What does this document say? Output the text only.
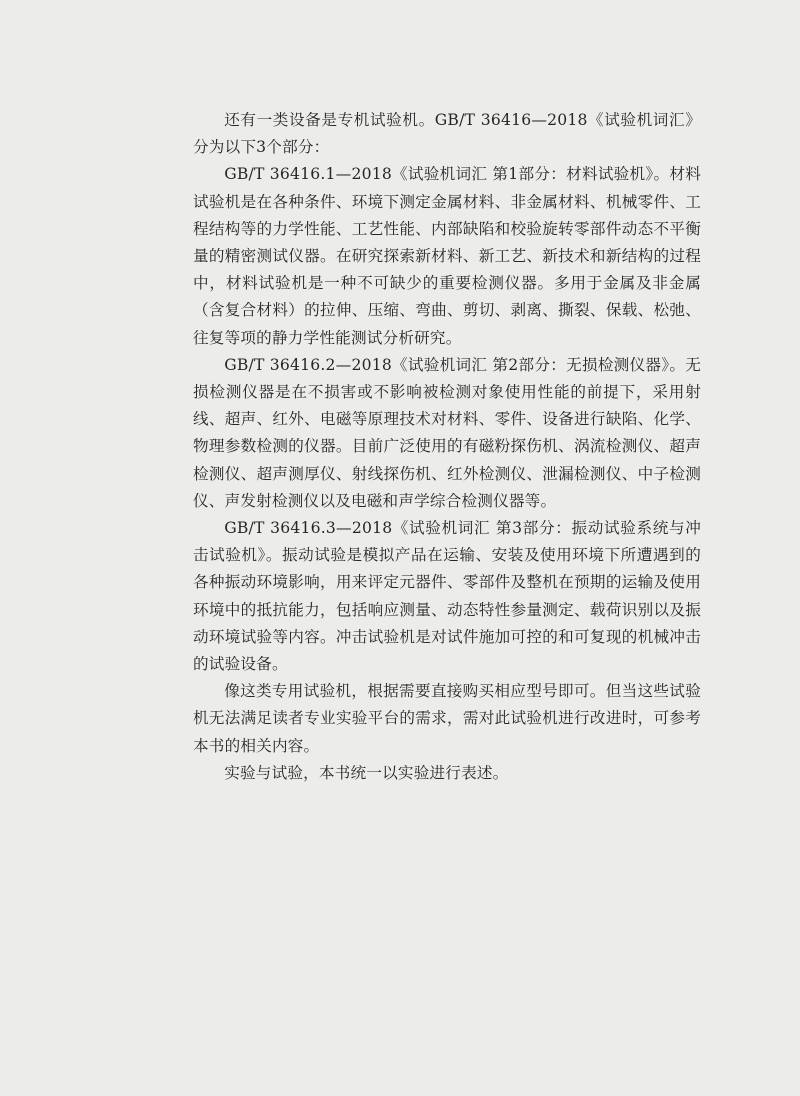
还有一类设备是专机试验机。GB/T 36416—2018《试验机词汇》分为以下3个部分：

GB/T 36416.1—2018《试验机词汇 第1部分：材料试验机》。材料试验机是在各种条件、环境下测定金属材料、非金属材料、机械零件、工程结构等的力学性能、工艺性能、内部缺陷和校验旋转零部件动态不平衡量的精密测试仪器。在研究探索新材料、新工艺、新技术和新结构的过程中，材料试验机是一种不可缺少的重要检测仪器。多用于金属及非金属（含复合材料）的拉伸、压缩、弯曲、剪切、剥离、撕裂、保载、松弛、往复等项的静力学性能测试分析研究。

GB/T 36416.2—2018《试验机词汇 第2部分：无损检测仪器》。无损检测仪器是在不损害或不影响被检测对象使用性能的前提下，采用射线、超声、红外、电磁等原理技术对材料、零件、设备进行缺陷、化学、物理参数检测的仪器。目前广泛使用的有磁粉探伤机、涡流检测仪、超声检测仪、超声测厚仪、射线探伤机、红外检测仪、泄漏检测仪、中子检测仪、声发射检测仪以及电磁和声学综合检测仪器等。

GB/T 36416.3—2018《试验机词汇 第3部分：振动试验系统与冲击试验机》。振动试验是模拟产品在运输、安装及使用环境下所遭遇到的各种振动环境影响，用来评定元器件、零部件及整机在预期的运输及使用环境中的抵抗能力，包括响应测量、动态特性参量测定、载荷识别以及振动环境试验等内容。冲击试验机是对试件施加可控的和可复现的机械冲击的试验设备。

像这类专用试验机，根据需要直接购买相应型号即可。但当这些试验机无法满足读者专业实验平台的需求，需对此试验机进行改进时，可参考本书的相关内容。

实验与试验，本书统一以实验进行表述。
